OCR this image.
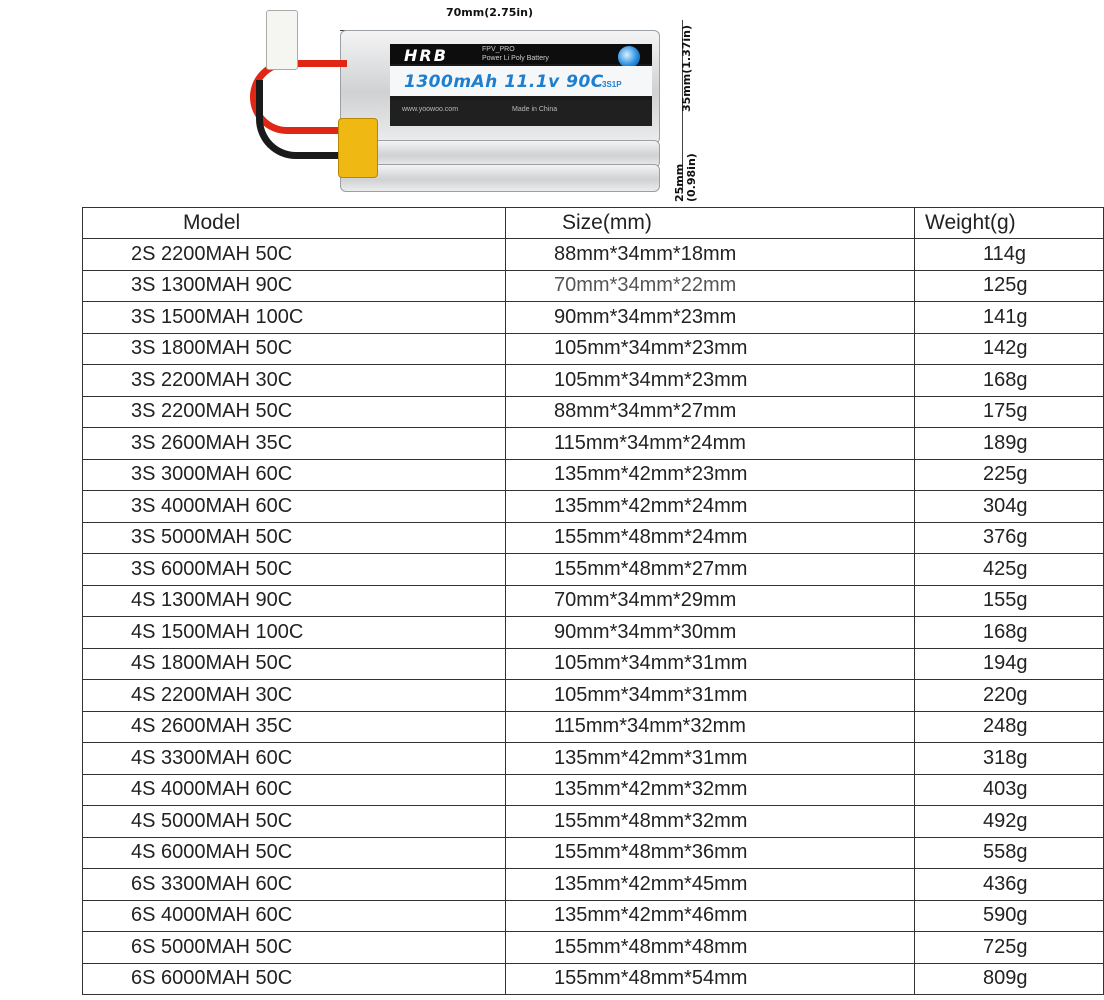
70mm(2.75in)
35mm(1.37in)
25mm
(0.98in)
HRB	FPV_PRO
Power Li Poly Battery
1300mAh 11.1v 90C
3S1P
www.yoowoo.com	Made in China
Model	Size(mm)	Weight(g)
2S 2200MAH 50C	88mm*34mm*18mm	114g
3S 1300MAH 90C	70mm*34mm*22mm	125g
3S 1500MAH 100C	90mm*34mm*23mm	141g
3S 1800MAH 50C	105mm*34mm*23mm	142g
3S 2200MAH 30C	105mm*34mm*23mm	168g
3S 2200MAH 50C	88mm*34mm*27mm	175g
3S 2600MAH 35C	115mm*34mm*24mm	189g
3S 3000MAH 60C	135mm*42mm*23mm	225g
3S 4000MAH 60C	135mm*42mm*24mm	304g
3S 5000MAH 50C	155mm*48mm*24mm	376g
3S 6000MAH 50C	155mm*48mm*27mm	425g
4S 1300MAH 90C	70mm*34mm*29mm	155g
4S 1500MAH 100C	90mm*34mm*30mm	168g
4S 1800MAH 50C	105mm*34mm*31mm	194g
4S 2200MAH 30C	105mm*34mm*31mm	220g
4S 2600MAH 35C	115mm*34mm*32mm	248g
4S 3300MAH 60C	135mm*42mm*31mm	318g
4S 4000MAH 60C	135mm*42mm*32mm	403g
4S 5000MAH 50C	155mm*48mm*32mm	492g
4S 6000MAH 50C	155mm*48mm*36mm	558g
6S 3300MAH 60C	135mm*42mm*45mm	436g
6S 4000MAH 60C	135mm*42mm*46mm	590g
6S 5000MAH 50C	155mm*48mm*48mm	725g
6S 6000MAH 50C	155mm*48mm*54mm	809g
